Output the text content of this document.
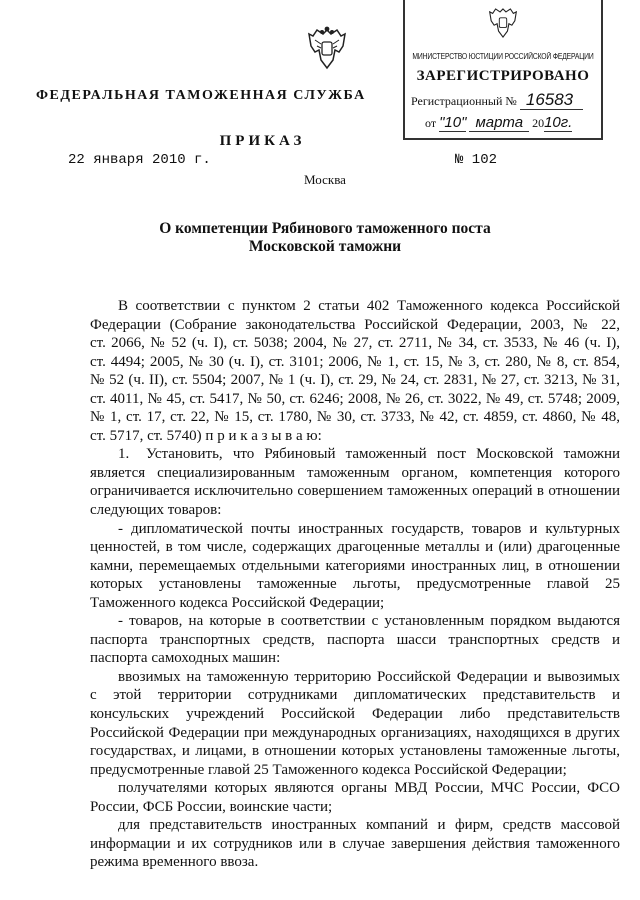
ФЕДЕРАЛЬНАЯ ТАМОЖЕННАЯ СЛУЖБА
МИНИСТЕРСТВО ЮСТИЦИИ РОССИЙСКОЙ ФЕДЕРАЦИИ
ЗАРЕГИСТРИРОВАНО
Регистрационный № 16583
от "10" марта 2010г.
ПРИКАЗ
22 января 2010 г.	№ 102
Москва
О компетенции Рябинового таможенного поста
Московской таможни
В соответствии с пунктом 2 статьи 402 Таможенного кодекса Российской
Федерации (Собрание законодательства Российской Федерации, 2003, № 22,
ст. 2066, № 52 (ч. I), ст. 5038; 2004, № 27, ст. 2711, № 34, ст. 3533, № 46 (ч. I),
ст. 4494; 2005, № 30 (ч. I), ст. 3101; 2006, № 1, ст. 15, № 3, ст. 280, № 8, ст. 854,
№ 52 (ч. II), ст. 5504; 2007, № 1 (ч. I), ст. 29, № 24, ст. 2831, № 27, ст. 3213, № 31,
ст. 4011, № 45, ст. 5417, № 50, ст. 6246; 2008, № 26, ст. 3022, № 49, ст. 5748; 2009,
№ 1, ст. 17, ст. 22, № 15, ст. 1780, № 30, ст. 3733, № 42, ст. 4859, ст. 4860, № 48,
ст. 5717, ст. 5740) п р и к а з ы в а ю:
1.	Установить, что Рябиновый таможенный пост Московской таможни
является специализированным таможенным органом, компетенция которого
ограничивается исключительно совершением таможенных операций в отношении
следующих товаров:
- дипломатической почты иностранных государств, товаров и культурных
ценностей, в том числе, содержащих драгоценные металлы и (или) драгоценные
камни, перемещаемых отдельными категориями иностранных лиц, в отношении
которых установлены таможенные льготы, предусмотренные главой 25
Таможенного кодекса Российской Федерации;
- товаров, на которые в соответствии с установленным порядком выдаются
паспорта транспортных средств, паспорта шасси транспортных средств и
паспорта самоходных машин:
ввозимых на таможенную территорию Российской Федерации и вывозимых
с этой территории сотрудниками дипломатических представительств и
консульских учреждений Российской Федерации либо представительств
Российской Федерации при международных организациях, находящихся в других
государствах, и лицами, в отношении которых установлены таможенные льготы,
предусмотренные главой 25 Таможенного кодекса Российской Федерации;
получателями которых являются органы МВД России, МЧС России, ФСО
России, ФСБ России, воинские части;
для представительств иностранных компаний и фирм, средств массовой
информации и их сотрудников или в случае завершения действия таможенного
режима временного ввоза.
